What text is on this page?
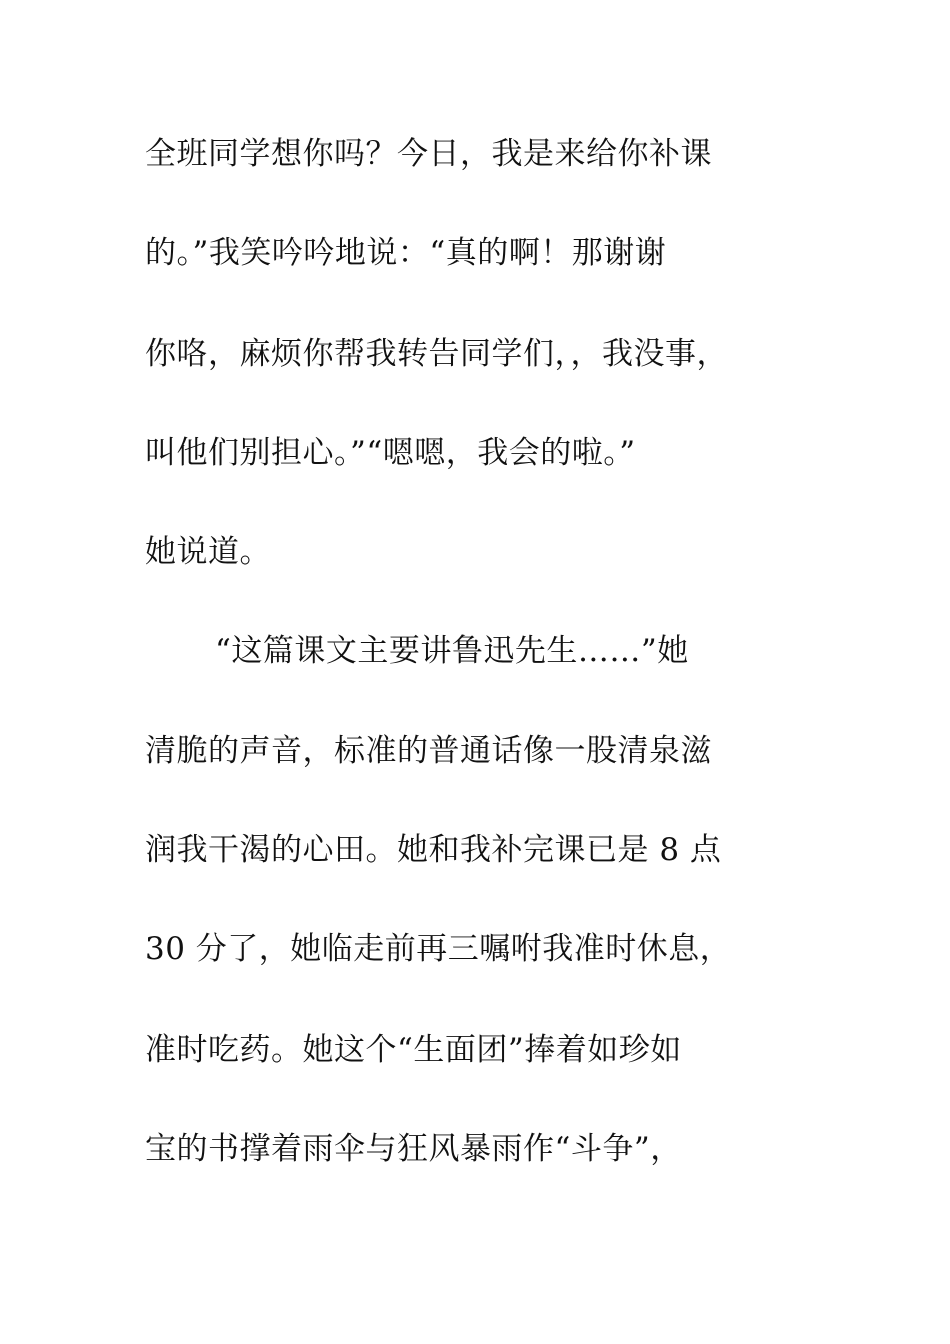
全班同学想你吗？今日，我是来给你补课

的。”我笑吟吟地说：“真的啊！那谢谢

你咯，麻烦你帮我转告同学们，，我没事，

叫他们别担心。”“嗯嗯，我会的啦。”

她说道。

“这篇课文主要讲鲁迅先生……”她

清脆的声音，标准的普通话像一股清泉滋

润我干渴的心田。她和我补完课已是 8 点

30 分了，她临走前再三嘱咐我准时休息，

准时吃药。她这个“生面团”捧着如珍如

宝的书撑着雨伞与狂风暴雨作“斗争”，
